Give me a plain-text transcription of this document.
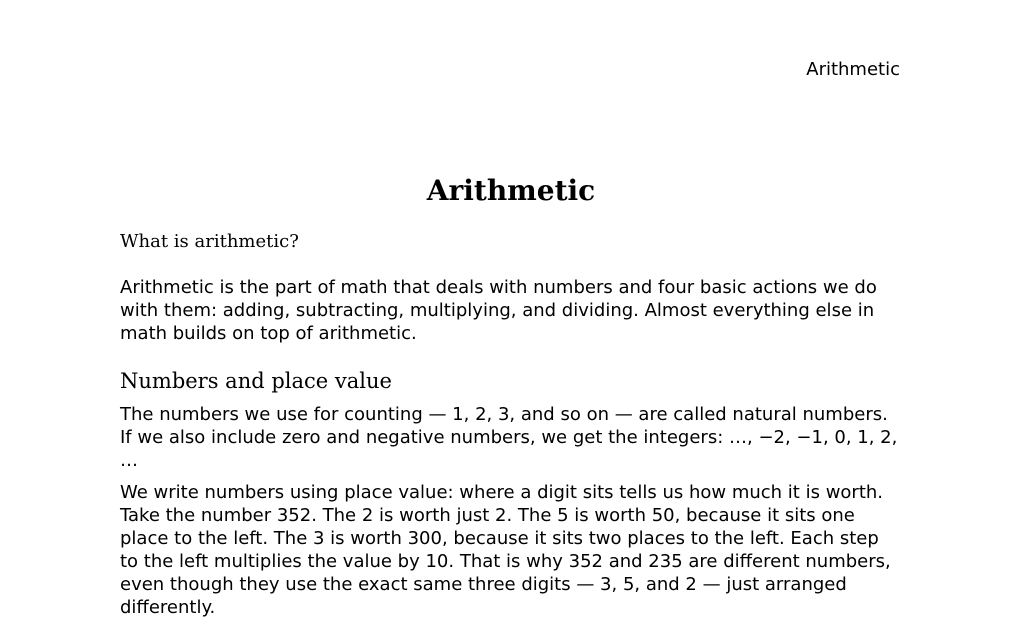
Arithmetic

Arithmetic

What is arithmetic?

Arithmetic is the part of math that deals with numbers and four basic actions we do with them: adding, subtracting, multiplying, and dividing. Almost everything else in math builds on top of arithmetic.

Numbers and place value

The numbers we use for counting — 1, 2, 3, and so on — are called natural numbers. If we also include zero and negative numbers, we get the integers: …, −2, −1, 0, 1, 2, …

We write numbers using place value: where a digit sits tells us how much it is worth. Take the number 352. The 2 is worth just 2. The 5 is worth 50, because it sits one place to the left. The 3 is worth 300, because it sits two places to the left. Each step to the left multiplies the value by 10. That is why 352 and 235 are different numbers, even though they use the exact same three digits — 3, 5, and 2 — just arranged differently.
